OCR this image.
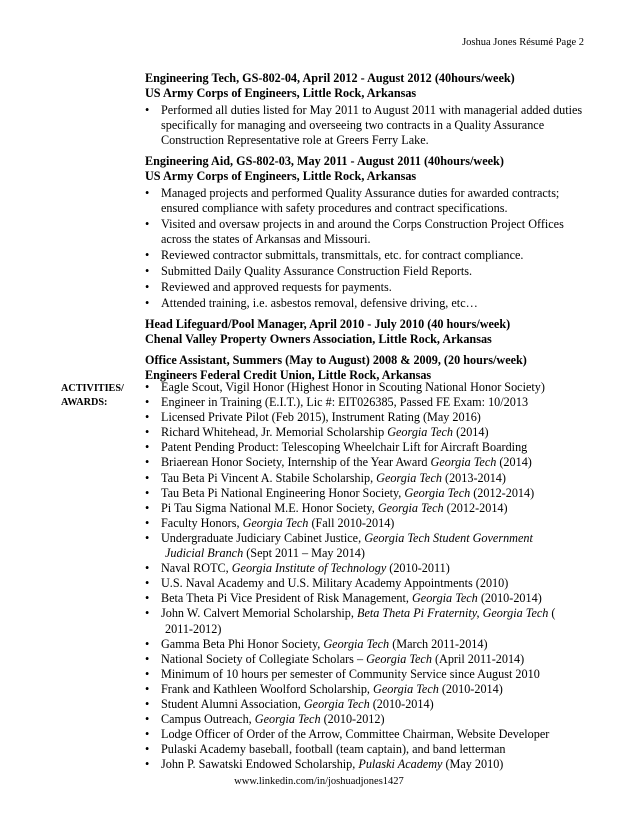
Joshua Jones Résumé Page 2
Engineering Tech, GS-802-04, April 2012 - August 2012 (40hours/week)
US Army Corps of Engineers, Little Rock, Arkansas
• Performed all duties listed for May 2011 to August 2011 with managerial added duties specifically for managing and overseeing two contracts in a Quality Assurance Construction Representative role at Greers Ferry Lake.
Engineering Aid, GS-802-03, May 2011 - August 2011 (40hours/week)
US Army Corps of Engineers, Little Rock, Arkansas
• Managed projects and performed Quality Assurance duties for awarded contracts; ensured compliance with safety procedures and contract specifications.
• Visited and oversaw projects in and around the Corps Construction Project Offices across the states of Arkansas and Missouri.
• Reviewed contractor submittals, transmittals, etc. for contract compliance.
• Submitted Daily Quality Assurance Construction Field Reports.
• Reviewed and approved requests for payments.
• Attended training, i.e. asbestos removal, defensive driving, etc…
Head Lifeguard/Pool Manager, April 2010 - July 2010 (40 hours/week)
Chenal Valley Property Owners Association, Little Rock, Arkansas
Office Assistant, Summers (May to August) 2008 & 2009, (20 hours/week)
Engineers Federal Credit Union, Little Rock, Arkansas
ACTIVITIES/
AWARDS:
• Eagle Scout, Vigil Honor (Highest Honor in Scouting National Honor Society)
• Engineer in Training (E.I.T.), Lic #: EIT026385, Passed FE Exam: 10/2013
• Licensed Private Pilot (Feb 2015), Instrument Rating (May 2016)
• Richard Whitehead, Jr. Memorial Scholarship Georgia Tech (2014)
• Patent Pending Product: Telescoping Wheelchair Lift for Aircraft Boarding
• Briaerean Honor Society, Internship of the Year Award Georgia Tech (2014)
• Tau Beta Pi Vincent A. Stabile Scholarship, Georgia Tech (2013-2014)
• Tau Beta Pi National Engineering Honor Society, Georgia Tech (2012-2014)
• Pi Tau Sigma National M.E. Honor Society, Georgia Tech (2012-2014)
• Faculty Honors, Georgia Tech (Fall 2010-2014)
• Undergraduate Judiciary Cabinet Justice, Georgia Tech Student Government
Judicial Branch (Sept 2011 – May 2014)
• Naval ROTC, Georgia Institute of Technology (2010-2011)
• U.S. Naval Academy and U.S. Military Academy Appointments (2010)
• Beta Theta Pi Vice President of Risk Management, Georgia Tech (2010-2014)
• John W. Calvert Memorial Scholarship, Beta Theta Pi Fraternity, Georgia Tech (
2011-2012)
• Gamma Beta Phi Honor Society, Georgia Tech (March 2011-2014)
• National Society of Collegiate Scholars – Georgia Tech (April 2011-2014)
• Minimum of 10 hours per semester of Community Service since August 2010
• Frank and Kathleen Woolford Scholarship, Georgia Tech (2010-2014)
• Student Alumni Association, Georgia Tech (2010-2014)
• Campus Outreach, Georgia Tech (2010-2012)
• Lodge Officer of Order of the Arrow, Committee Chairman, Website Developer
• Pulaski Academy baseball, football (team captain), and band letterman
• John P. Sawatski Endowed Scholarship, Pulaski Academy (May 2010)
www.linkedin.com/in/joshuadjones1427
